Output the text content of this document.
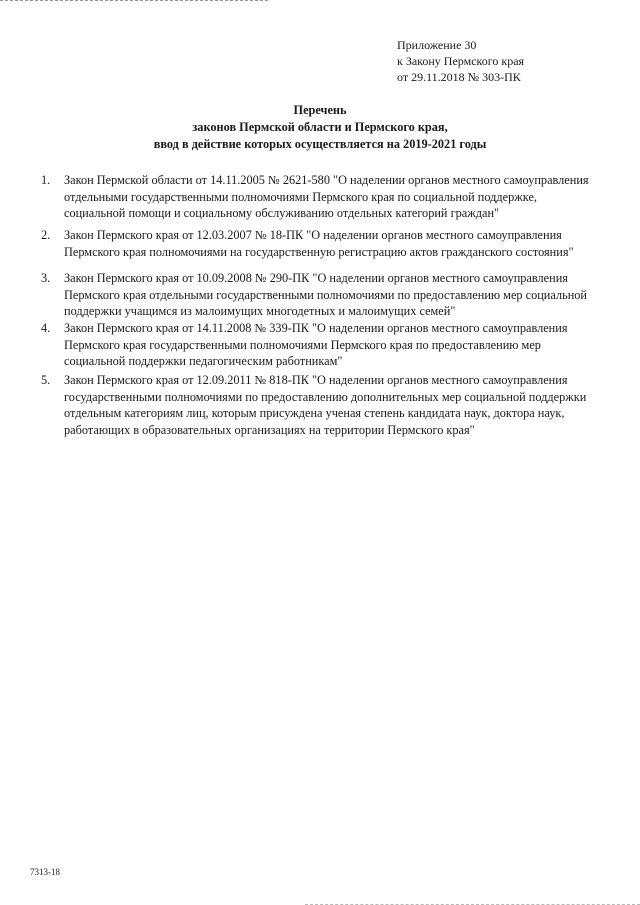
Приложение 30
к Закону Пермского края
от 29.11.2018 № 303-ПК
Перечень
законов Пермской области и Пермского края,
ввод в действие которых осуществляется на 2019-2021 годы
1. Закон Пермской области от 14.11.2005 № 2621-580 "О наделении органов местного самоуправления
отдельными государственными полномочиями Пермского края по социальной поддержке,
социальной помощи и социальному обслуживанию отдельных категорий граждан"
2. Закон Пермского края от 12.03.2007 № 18-ПК "О наделении органов местного самоуправления
Пермского края полномочиями на государственную регистрацию актов гражданского состояния"
3. Закон Пермского края от 10.09.2008 № 290-ПК "О наделении органов местного самоуправления
Пермского края отдельными государственными полномочиями по предоставлению мер социальной
поддержки учащимся из малоимущих многодетных и малоимущих семей"
4. Закон Пермского края от 14.11.2008 № 339-ПК "О наделении органов местного самоуправления
Пермского края государственными полномочиями Пермского края по предоставлению мер
социальной поддержки педагогическим работникам"
5. Закон Пермского края от 12.09.2011 № 818-ПК "О наделении органов местного самоуправления
государственными полномочиями по предоставлению дополнительных мер социальной поддержки
отдельным категориям лиц, которым присуждена ученая степень кандидата наук, доктора наук,
работающих в образовательных организациях на территории Пермского края"
7313-18
